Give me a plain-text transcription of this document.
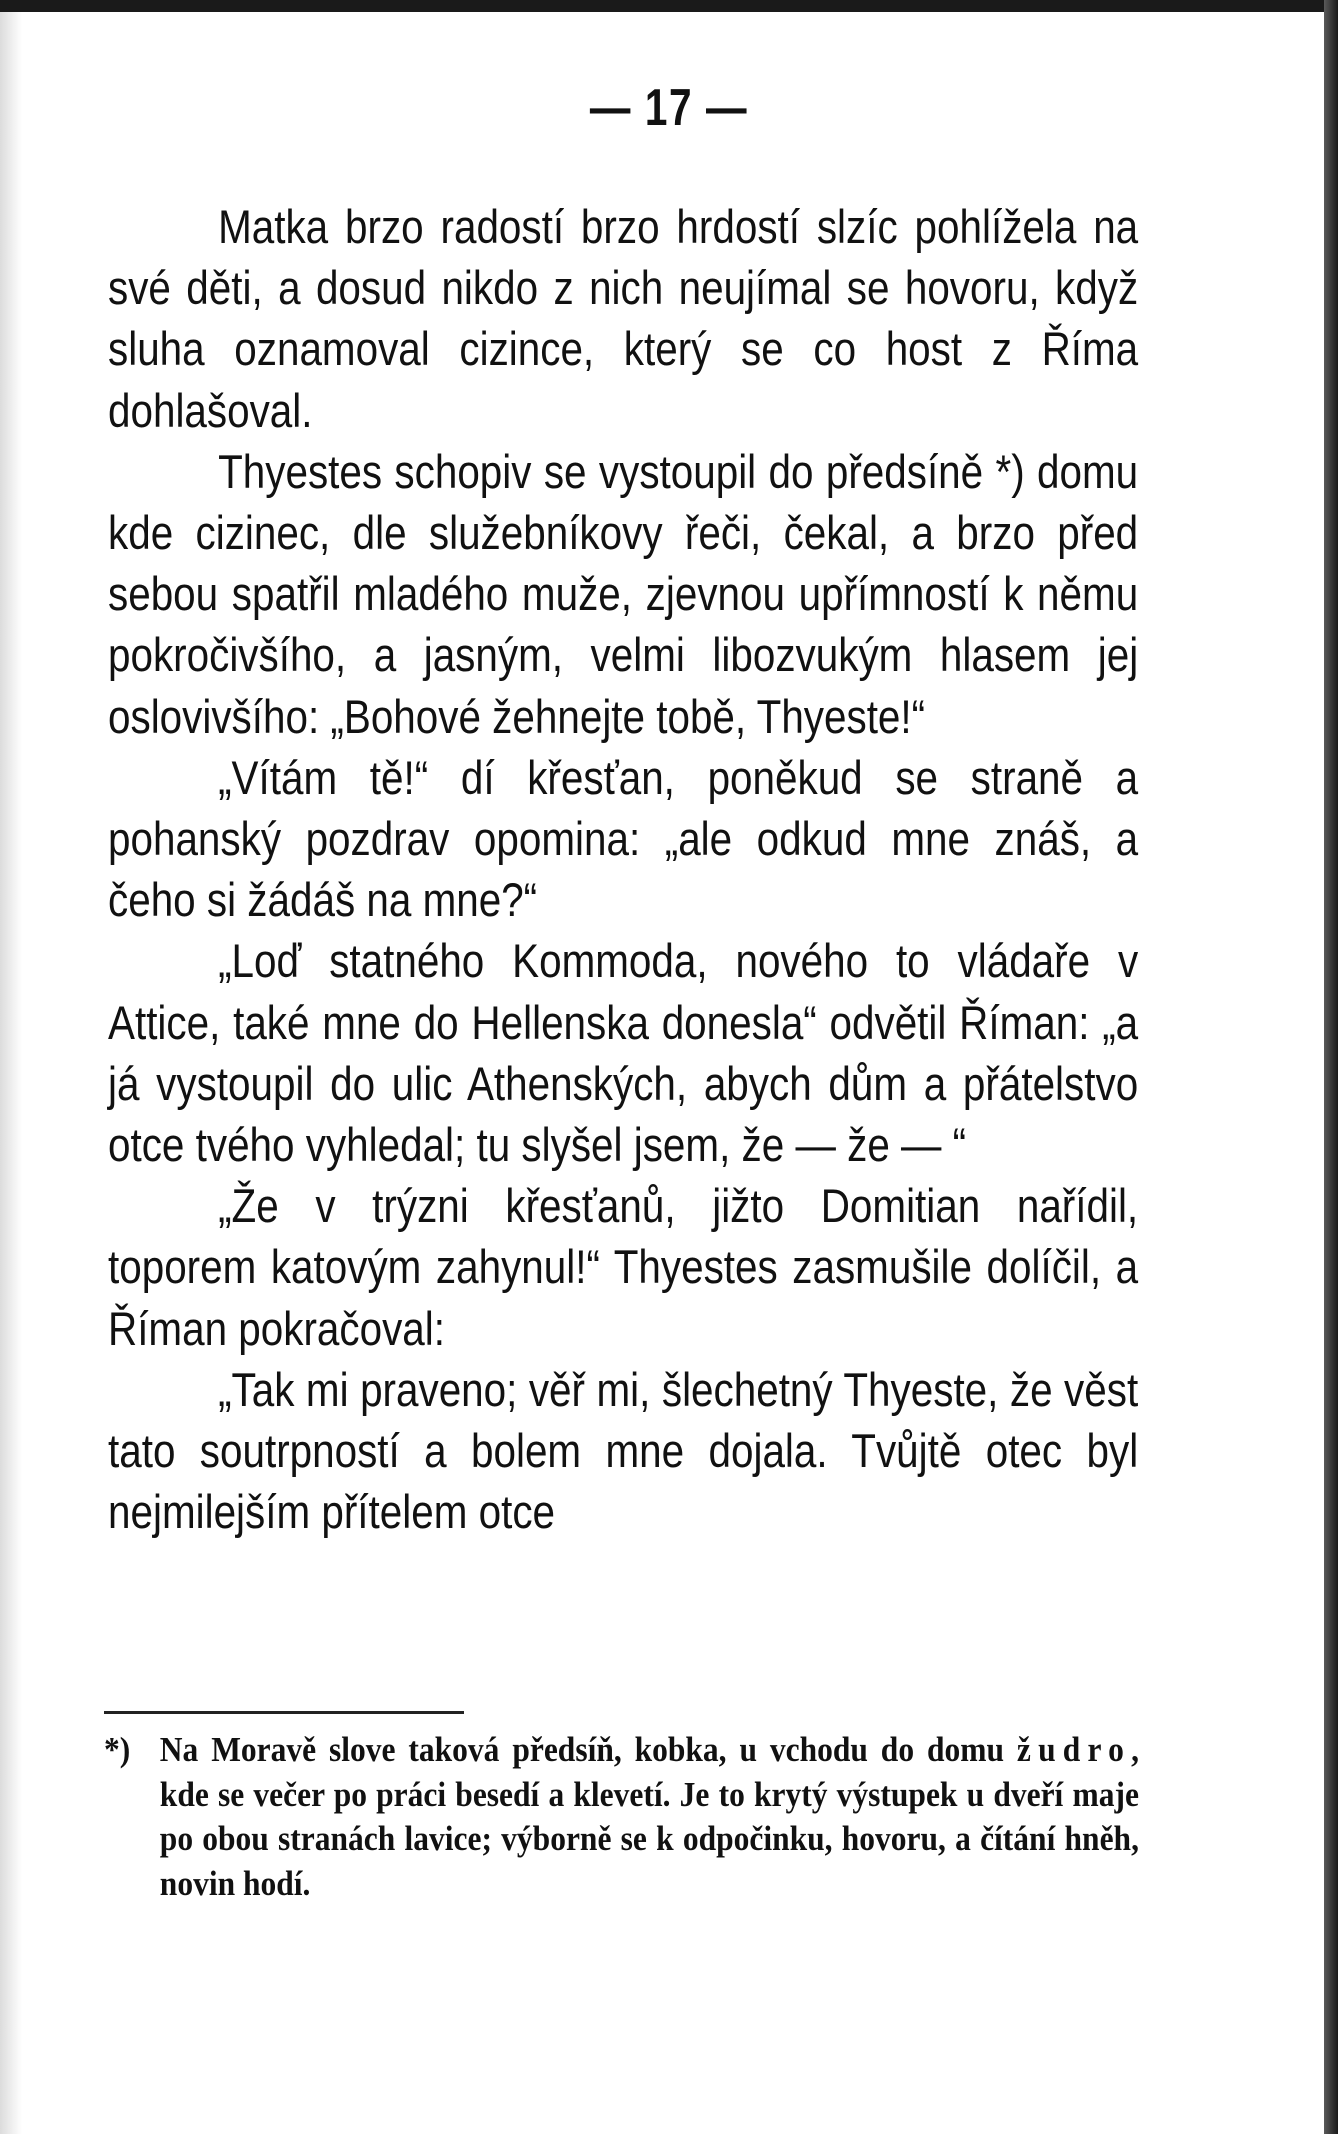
— 17 —

Matka brzo radostí brzo hrdostí slzíc pohlížela na své děti, a dosud nikdo z nich neujímal se hovoru, když sluha oznamoval cizince, který se co host z Říma dohlašoval.

Thyestes schopiv se vystoupil do předsíně *) domu kde cizinec, dle služebníkovy řeči, čekal, a brzo před sebou spatřil mladého muže, zjevnou upřímností k němu pokročivšího, a jasným, velmi libozvukým hlasem jej oslovivšího: „Bohové žehnejte tobě, Thyeste!“

„Vítám tě!“ dí křesťan, poněkud se straně a pohanský pozdrav opomina: „ale odkud mne znáš, a čeho si žádáš na mne?“

„Loď statného Kommoda, nového to vládaře v Attice, také mne do Hellenska donesla“ odvětil Říman: „a já vystoupil do ulic Athenských, abych dům a přátelstvo otce tvého vyhledal; tu slyšel jsem, že — že — “

„Že v trýzni křesťanů, jižto Domitian nařídil, toporem katovým zahynul!“ Thyestes zasmušile dolíčil, a Říman pokračoval:

„Tak mi praveno; věř mi, šlechetný Thyeste, že věst tato soutrpností a bolem mne dojala. Tvůjtě otec byl nejmilejším přítelem otce

*) Na Moravě slove taková předsíň, kobka, u vchodu do domu žudro, kde se večer po práci besedí a klevetí. Je to krytý výstupek u dveří maje po obou stranách lavice; výborně se k odpočinku, hovoru, a čítání hněh, novin hodí.
